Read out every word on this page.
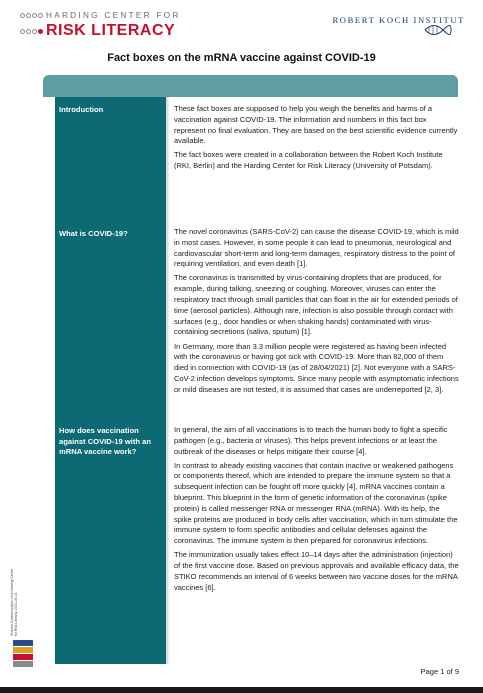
HARDING CENTER FOR
RISK LITERACY
ROBERT KOCH INSTITUT
Fact boxes on the mRNA vaccine against COVID-19
Introduction	These fact boxes are supposed to help you weigh the benefits and harms of a vaccination against COVID-19. The information and numbers in this fact box represent no final evaluation. They are based on the best scientific evidence currently available.

The fact boxes were created in a collaboration between the Robert Koch Institute (RKI, Berlin) and the Harding Center for Risk Literacy (University of Potsdam).

What is COVID-19?	The novel coronavirus (SARS-CoV-2) can cause the disease COVID-19, which is mild in most cases. However, in some people it can lead to pneumonia, neurological and cardiovascular short-term and long-term damages, respiratory distress to the point of requiring ventilation, and even death [1].

The coronavirus is transmitted by virus-containing droplets that are produced, for example, during talking, sneezing or coughing. Moreover, viruses can enter the respiratory tract through small particles that can float in the air for extended periods of time (aerosol particles). Although rare, infection is also possible through contact with surfaces (e.g., door handles or when shaking hands) contaminated with virus-containing secretions (saliva, sputum) [1].

In Germany, more than 3.3 million people were registered as having been infected with the coronavirus or having got sick with COVID-19. More than 82,000 of them died in connection with COVID-19 (as of 28/04/2021) [2]. Not everyone with a SARS-CoV-2 infection develops symptoms. Since many people with asymptomatic infections or mild diseases are not tested, it is assumed that cases are underreported [2, 3].

How does vaccination against COVID-19 with an mRNA vaccine work?

In general, the aim of all vaccinations is to teach the human body to fight a specific pathogen (e.g., bacteria or viruses). This helps prevent infections or at least the outbreak of the diseases or helps mitigate their course [4].

In contrast to already existing vaccines that contain inactive or weakened pathogens or components thereof, which are intended to prepare the immune system so that a subsequent infection can be fought off more quickly [4], mRNA vaccines contain a blueprint. This blueprint in the form of genetic information of the coronavirus (spike protein) is called messenger RNA or messenger RNA (mRNA). With its help, the spike proteins are produced in body cells after vaccination, which in turn stimulate the immune system to form specific antibodies and cellular defenses against the coronavirus. The immune system is then prepared for coronavirus infections.

The immunization usually takes effect 10–14 days after the administration (injection) of the first vaccine dose. Based on previous approvals and available efficacy data, the STIKO recommends an interval of 6 weeks between two vaccine doses for the mRNA vaccines [6].

Science Communication Unit Harding Center for Risk Literacy, 2021-05-03
Page 1 of 9
